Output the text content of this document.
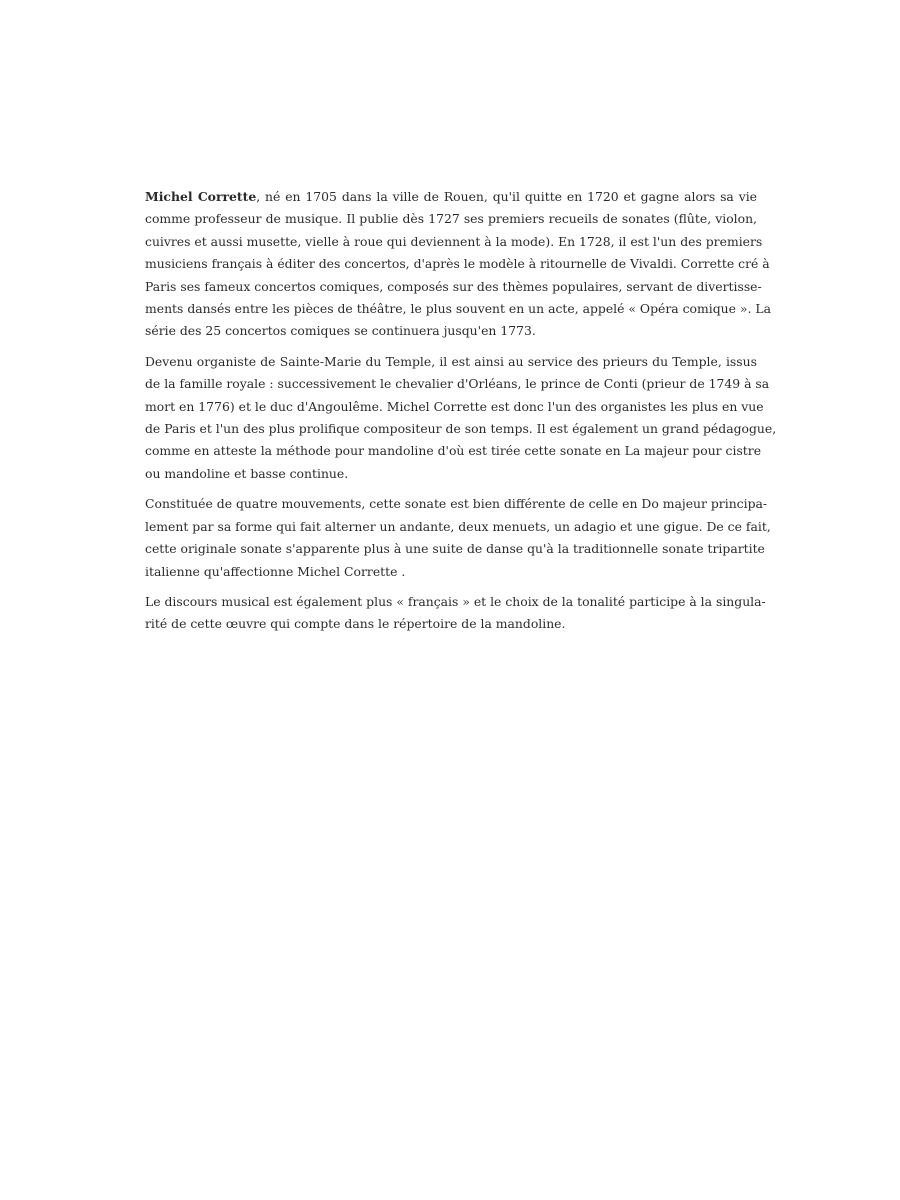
Michel Corrette, né en 1705 dans la ville de Rouen, qu'il quitte en 1720 et gagne alors sa vie
comme professeur de musique. Il publie dès 1727 ses premiers recueils de sonates (flûte, violon,
cuivres et aussi musette, vielle à roue qui deviennent à la mode). En 1728, il est l'un des premiers
musiciens français à éditer des concertos, d'après le modèle à ritournelle de Vivaldi. Corrette cré à
Paris ses fameux concertos comiques, composés sur des thèmes populaires, servant de divertisse-
ments dansés entre les pièces de théâtre, le plus souvent en un acte, appelé « Opéra comique ». La
série des 25 concertos comiques se continuera jusqu'en 1773.

Devenu organiste de Sainte-Marie du Temple, il est ainsi au service des prieurs du Temple, issus
de la famille royale : successivement le chevalier d'Orléans, le prince de Conti (prieur de 1749 à sa
mort en 1776) et le duc d'Angoulême. Michel Corrette est donc l'un des organistes les plus en vue
de Paris et l'un des plus prolifique compositeur de son temps. Il est également un grand pédagogue,
comme en atteste la méthode pour mandoline d'où est tirée cette sonate en La majeur pour cistre
ou mandoline et basse continue.

Constituée de quatre mouvements, cette sonate est bien différente de celle en Do majeur principa-
lement par sa forme qui fait alterner un andante, deux menuets, un adagio et une gigue. De ce fait,
cette originale sonate s'apparente plus à une suite de danse qu'à la traditionnelle sonate tripartite
italienne qu'affectionne Michel Corrette .

Le discours musical est également plus « français » et le choix de la tonalité participe à la singula-
rité de cette œuvre qui compte dans le répertoire de la mandoline.
